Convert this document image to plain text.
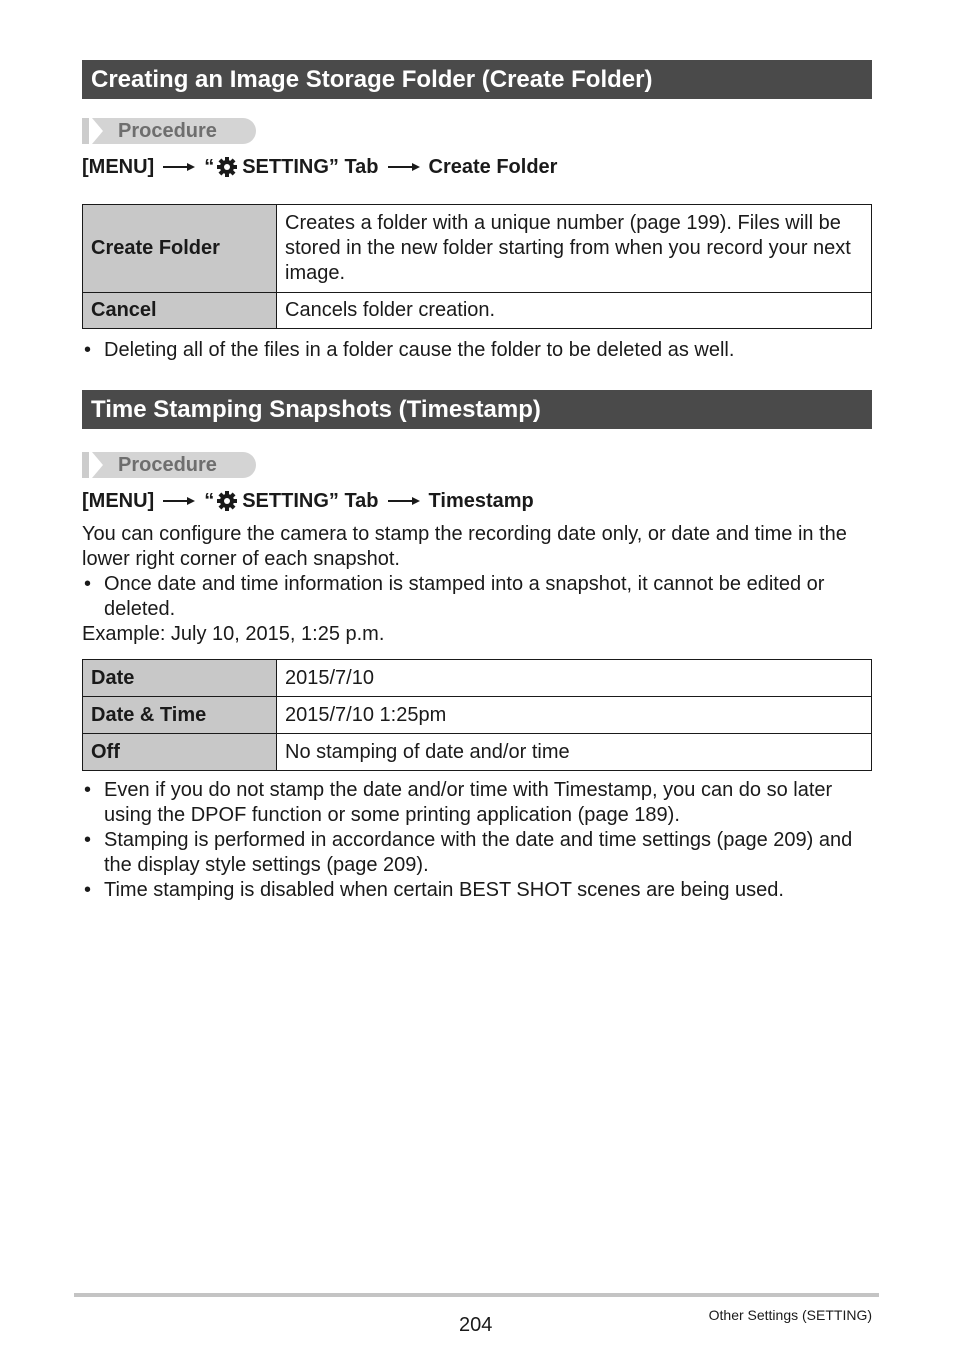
Creating an Image Storage Folder (Create Folder)
Procedure
[MENU]	“ SETTING” Tab	Create Folder
Create Folder	Creates a folder with a unique number (page 199). Files will be stored in the new folder starting from when you record your next image.
Cancel	Cancels folder creation.
• Deleting all of the files in a folder cause the folder to be deleted as well.
Time Stamping Snapshots (Timestamp)
Procedure
[MENU]	“ SETTING” Tab	Timestamp
You can configure the camera to stamp the recording date only, or date and time in the lower right corner of each snapshot.
• Once date and time information is stamped into a snapshot, it cannot be edited or deleted.
Example: July 10, 2015, 1:25 p.m.
Date	2015/7/10
Date & Time	2015/7/10 1:25pm
Off	No stamping of date and/or time
• Even if you do not stamp the date and/or time with Timestamp, you can do so later using the DPOF function or some printing application (page 189).
• Stamping is performed in accordance with the date and time settings (page 209) and the display style settings (page 209).
• Time stamping is disabled when certain BEST SHOT scenes are being used.
204	Other Settings (SETTING)
